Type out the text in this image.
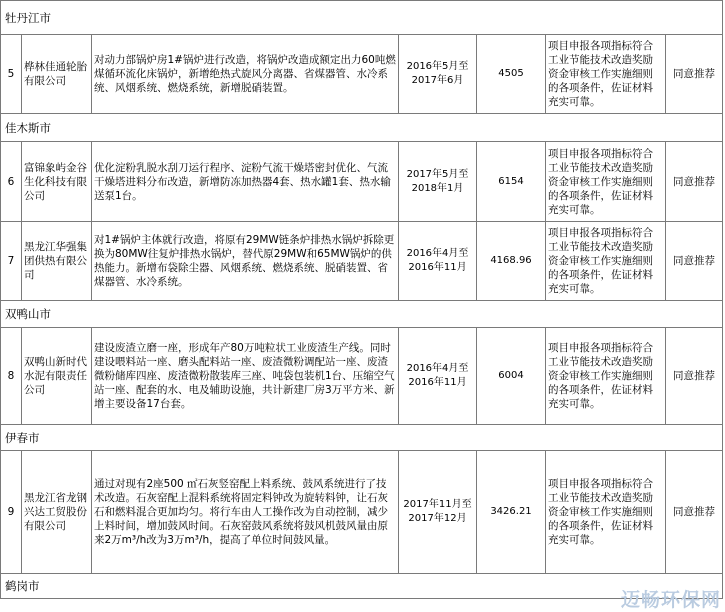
牡丹江市						
5	桦林佳通轮胎有限公司	对动力部锅炉房1#锅炉进行改造，将锅炉改造成额定出力60吨燃煤循环流化床锅炉，新增绝热式旋风分离器、省煤器管、水冷系统、风烟系统、燃烧系统，新增脱硝装置。	2016年5月至2017年6月	4505	项目申报各项指标符合工业节能技术改造奖励资金审核工作实施细则的各项条件，佐证材料充实可靠。	同意推荐
佳木斯市						
6	富锦象屿金谷生化科技有限公司	优化淀粉乳脱水刮刀运行程序、淀粉气流干燥塔密封优化、气流干燥塔进料分布改造，新增防冻加热器4套、热水罐1套、热水输送泵1台。	2017年5月至2018年1月	6154	项目申报各项指标符合工业节能技术改造奖励资金审核工作实施细则的各项条件，佐证材料充实可靠。	同意推荐
7	黑龙江华强集团供热有限公司	对1#锅炉主体就行改造，将原有29MW链条炉排热水锅炉拆除更换为80MW往复炉排热水锅炉，替代原29MW和65MW锅炉的供热能力。新增布袋除尘器、风烟系统、燃烧系统、脱硝装置、省煤器管、水冷系统。	2016年4月至2016年11月	4168.96	项目申报各项指标符合工业节能技术改造奖励资金审核工作实施细则的各项条件，佐证材料充实可靠。	同意推荐
双鸭山市						
8	双鸭山新时代水泥有限责任公司	建设废渣立磨一座，形成年产80万吨粒状工业废渣生产线。同时建设喂料站一座、磨头配料站一座、废渣微粉调配站一座、废渣微粉储库四座、废渣微粉散装库三座、吨袋包装机1台、压缩空气站一座、配套的水、电及辅助设施，共计新建厂房3万平方米、新增主要设备17台套。	2016年4月至2016年11月	6004	项目申报各项指标符合工业节能技术改造奖励资金审核工作实施细则的各项条件，佐证材料充实可靠。	同意推荐
伊春市						
9	黑龙江省龙钢兴达工贸股份有限公司	通过对现有2座500 ㎡石灰竖窑配上料系统、鼓风系统进行了技术改造。石灰窑配上混料系统将固定料钟改为旋转料钟，让石灰石和燃料混合更加均匀。将行车由人工操作改为自动控制，减少上料时间，增加鼓风时间。石灰窑鼓风系统将鼓风机鼓风量由原来2万m³/h改为3万m³/h，提高了单位时间鼓风量。	2017年11月至2017年12月	3426.21	项目申报各项指标符合工业节能技术改造奖励资金审核工作实施细则的各项条件，佐证材料充实可靠。	同意推荐
鹤岗市						
迈畅环保网
